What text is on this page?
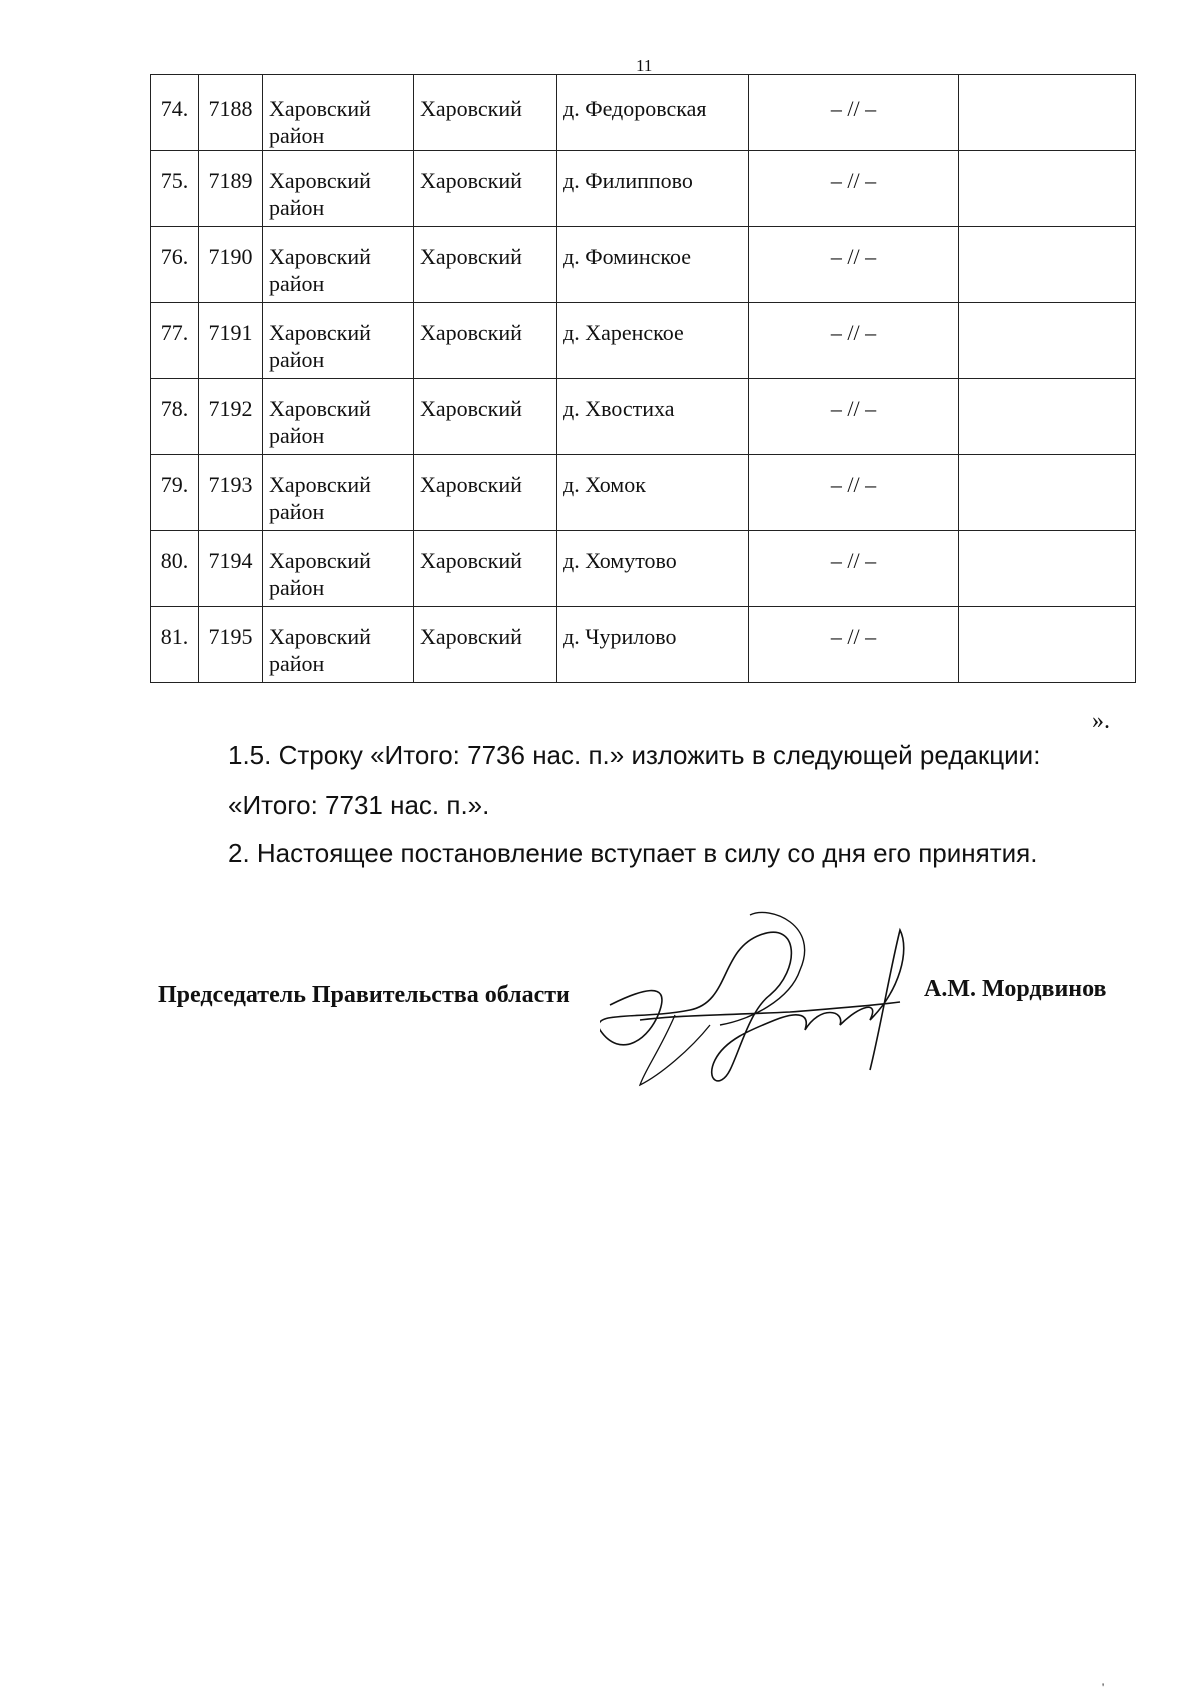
11
74.	7188	Харовский район	Харовский	д. Федоровская	– // –	
75.	7189	Харовский район	Харовский	д. Филиппово	– // –	
76.	7190	Харовский район	Харовский	д. Фоминское	– // –	
77.	7191	Харовский район	Харовский	д. Харенское	– // –	
78.	7192	Харовский район	Харовский	д. Хвостиха	– // –	
79.	7193	Харовский район	Харовский	д. Хомок	– // –	
80.	7194	Харовский район	Харовский	д. Хомутово	– // –	
81.	7195	Харовский район	Харовский	д. Чурилово	– // –	
».
1.5. Строку «Итого: 7736 нас. п.» изложить в следующей редакции:
«Итого: 7731 нас. п.».
2. Настоящее постановление вступает в силу со дня его принятия.
Председатель Правительства области	А.М. Мордвинов
'
